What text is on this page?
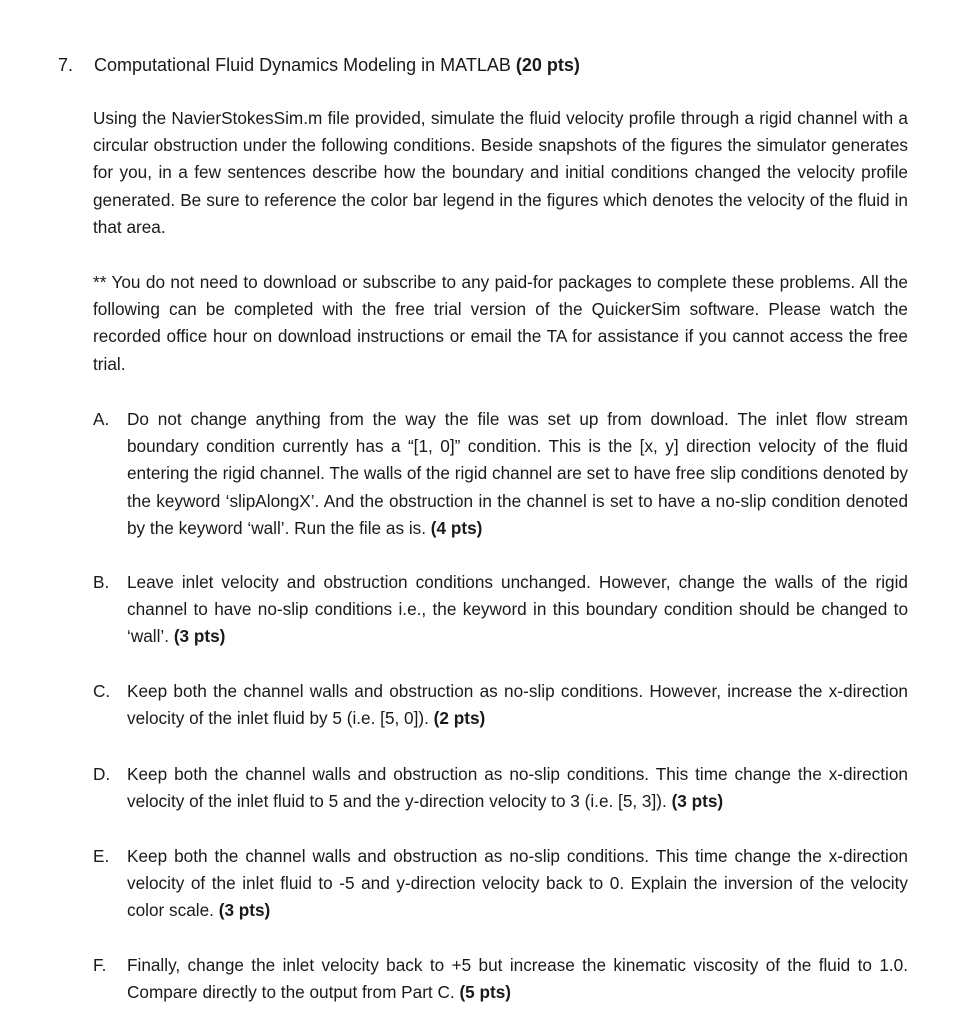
7. Computational Fluid Dynamics Modeling in MATLAB (20 pts)
Using the NavierStokesSim.m file provided, simulate the fluid velocity profile through a rigid channel with a circular obstruction under the following conditions. Beside snapshots of the figures the simulator generates for you, in a few sentences describe how the boundary and initial conditions changed the velocity profile generated. Be sure to reference the color bar legend in the figures which denotes the velocity of the fluid in that area.
** You do not need to download or subscribe to any paid-for packages to complete these problems. All the following can be completed with the free trial version of the QuickerSim software. Please watch the recorded office hour on download instructions or email the TA for assistance if you cannot access the free trial.
A.	Do not change anything from the way the file was set up from download. The inlet flow stream boundary condition currently has a “[1, 0]” condition. This is the [x, y] direction velocity of the fluid entering the rigid channel. The walls of the rigid channel are set to have free slip conditions denoted by the keyword ‘slipAlongX’. And the obstruction in the channel is set to have a no-slip condition denoted by the keyword ‘wall’. Run the file as is. (4 pts)
B.	Leave inlet velocity and obstruction conditions unchanged. However, change the walls of the rigid channel to have no-slip conditions i.e., the keyword in this boundary condition should be changed to ‘wall’. (3 pts)
C. Keep both the channel walls and obstruction as no-slip conditions. However, increase the x-direction velocity of the inlet fluid by 5 (i.e. [5, 0]). (2 pts)
D. Keep both the channel walls and obstruction as no-slip conditions. This time change the x-direction velocity of the inlet fluid to 5 and the y-direction velocity to 3 (i.e. [5, 3]). (3 pts)
E.	Keep both the channel walls and obstruction as no-slip conditions. This time change the x-direction velocity of the inlet fluid to -5 and y-direction velocity back to 0. Explain the inversion of the velocity color scale. (3 pts)
F.	Finally, change the inlet velocity back to +5 but increase the kinematic viscosity of the fluid to 1.0. Compare directly to the output from Part C. (5 pts)
